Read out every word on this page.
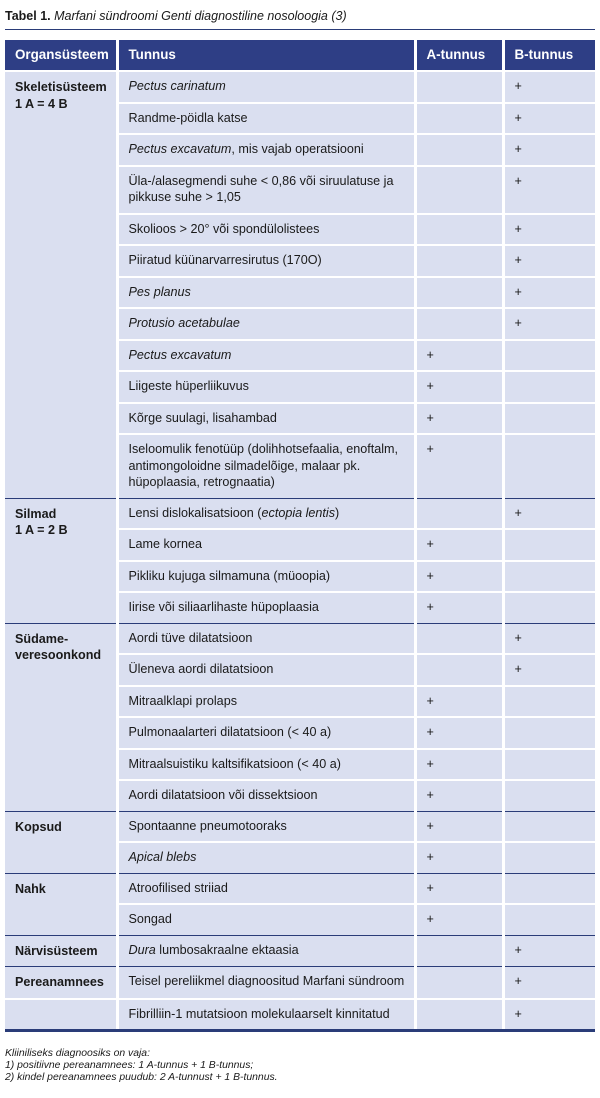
Tabel 1. Marfani sündroomi Genti diagnostiline nosoloogia (3)
Organsüsteem	Tunnus	A-tunnus	B-tunnus
Skeletisüsteem
1 A = 4 B	Pectus carinatum		+
	Randme-pöidla katse		+
	Pectus excavatum, mis vajab operatsiooni		+
	Üla-/alasegmendi suhe < 0,86 või siruulatuse ja pikkuse suhe > 1,05		+
	Skolioos > 20° või spondülolistees		+
	Piiratud küünarvarresirutus (170O)		+
	Pes planus		+
	Protusio acetabulae		+
	Pectus excavatum	+	
	Liigeste hüperliikuvus	+	
	Kõrge suulagi, lisahambad	+	
	Iseloomulik fenotüüp (dolihhotsefaalia, enoftalm, antimongoloidne silmadelõige, malaar pk. hüpoplaasia, retrognaatia)	+	
Silmad
1 A = 2 B	Lensi dislokalisatsioon (ectopia lentis)		+
	Lame kornea	+	
	Pikliku kujuga silmamuna (müoopia)	+	
	Iirise või siliaarlihaste hüpoplaasia	+	
Südame-
veresoonkond	Aordi tüve dilatatsioon		+
	Üleneva aordi dilatatsioon		+
	Mitraalklapi prolaps	+	
	Pulmonaalarteri dilatatsioon (< 40 a)	+	
	Mitraalsuistiku kaltsifikatsioon (< 40 a)	+	
	Aordi dilatatsioon või dissektsioon	+	
Kopsud	Spontaanne pneumotooraks	+	
	Apical blebs	+	
Nahk	Atroofilised striiad	+	
	Songad	+	
Närvisüsteem	Dura lumbosakraalne ektaasia		+
Pereanamnees	Teisel pereliikmel diagnoositud Marfani sündroom		+
	Fibrilliin-1 mutatsioon molekulaarselt kinnitatud		+
Kliiniliseks diagnoosiks on vaja:
1) positiivne pereanamnees: 1 A-tunnus + 1 B-tunnus;
2) kindel pereanamnees puudub: 2 A-tunnust + 1 B-tunnus.
